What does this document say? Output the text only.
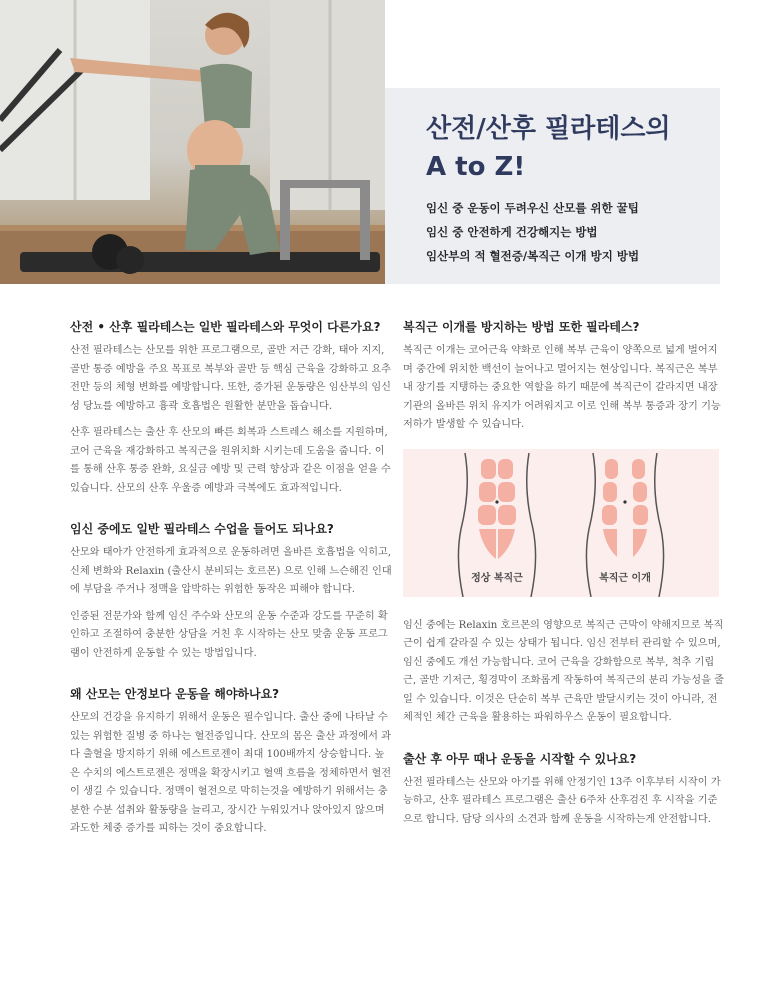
산전/산후 필라테스의
A to Z!
임신 중 운동이 두려우신 산모를 위한 꿀팁
임신 중 안전하게 건강해지는 방법
임산부의 적 혈전증/복직근 이개 방지 방법
산전 • 산후 필라테스는 일반 필라테스와 무엇이 다른가요?

산전 필라테스는 산모를 위한 프로그램으로, 골반 저근 강화, 태아 지지, 골반 통증 예방을 주요 목표로 복부와 골반 등 핵심 근육을 강화하고 요추 전만 등의 체형 변화를 예방합니다. 또한, 증가된 운동량은 임산부의 임신성 당뇨를 예방하고 흉곽 호흡법은 원활한 분만을 돕습니다.

산후 필라테스는 출산 후 산모의 빠른 회복과 스트레스 해소를 지원하며, 코어 근육을 재강화하고 복직근을 원위치화 시키는데 도움을 줍니다. 이를 통해 산후 통증 완화, 요실금 예방 및 근력 향상과 같은 이점을 얻을 수 있습니다. 산모의 산후 우울증 예방과 극복에도 효과적입니다.

임신 중에도 일반 필라테스 수업을 들어도 되나요?

산모와 태아가 안전하게 효과적으로 운동하려면 올바른 호흡법을 익히고, 신체 변화와 Relaxin (출산시 분비되는 호르몬) 으로 인해 느슨해진 인대에 부담을 주거나 정맥을 압박하는 위험한 동작은 피해야 합니다.

인증된 전문가와 함께 임신 주수와 산모의 운동 수준과 강도를 꾸준히 확인하고 조절하여 충분한 상담을 거친 후 시작하는 산모 맞춤 운동 프로그램이 안전하게 운동할 수 있는 방법입니다.

왜 산모는 안정보다 운동을 해야하나요?

산모의 건강을 유지하기 위해서 운동은 필수입니다. 출산 중에 나타날 수 있는 위험한 질병 중 하나는 혈전증입니다. 산모의 몸은 출산 과정에서 과다 출혈을 방지하기 위해 에스트로젠이 최대 100배까지 상승합니다. 높은 수치의 에스트로젠은 정맥을 확장시키고 혈액 흐름을 정체하면서 혈전이 생길 수 있습니다. 정맥이 혈전으로 막히는것을 예방하기 위해서는 충분한 수분 섭취와 활동량을 늘리고, 장시간 누워있거나 앉아있지 않으며 과도한 체중 증가를 피하는 것이 중요합니다.

복직근 이개를 방지하는 방법 또한 필라테스?

복직근 이개는 코어근육 약화로 인해 복부 근육이 양쪽으로 넓게 벌어지며 중간에 위치한 백선이 늘어나고 멀어지는 현상입니다. 복직근은 복부 내 장기를 지탱하는 중요한 역할을 하기 때문에 복직근이 갈라지면 내장기관의 올바른 위치 유지가 어려워지고 이로 인해 복부 통증과 장기 기능 저하가 발생할 수 있습니다.

정상 복직근	복직근 이개

임신 중에는 Relaxin 호르몬의 영향으로 복직근 근막이 약해지므로 복직근이 쉽게 갈라질 수 있는 상태가 됩니다. 임신 전부터 관리할 수 있으며, 임신 중에도 개선 가능합니다. 코어 근육을 강화함으로 복부, 척추 기립근, 골반 기저근, 횡경막이 조화롭게 작동하여 복직근의 분리 가능성을 줄일 수 있습니다. 이것은 단순히 복부 근육만 발달시키는 것이 아니라, 전체적인 체간 근육을 활용하는 파워하우스 운동이 필요합니다.

출산 후 아무 때나 운동을 시작할 수 있나요?

산전 필라테스는 산모와 아기를 위해 안정기인 13주 이후부터 시작이 가능하고, 산후 필라테스 프로그램은 출산 6주차 산후검진 후 시작을 기준으로 합니다. 담당 의사의 소견과 함께 운동을 시작하는게 안전합니다.
